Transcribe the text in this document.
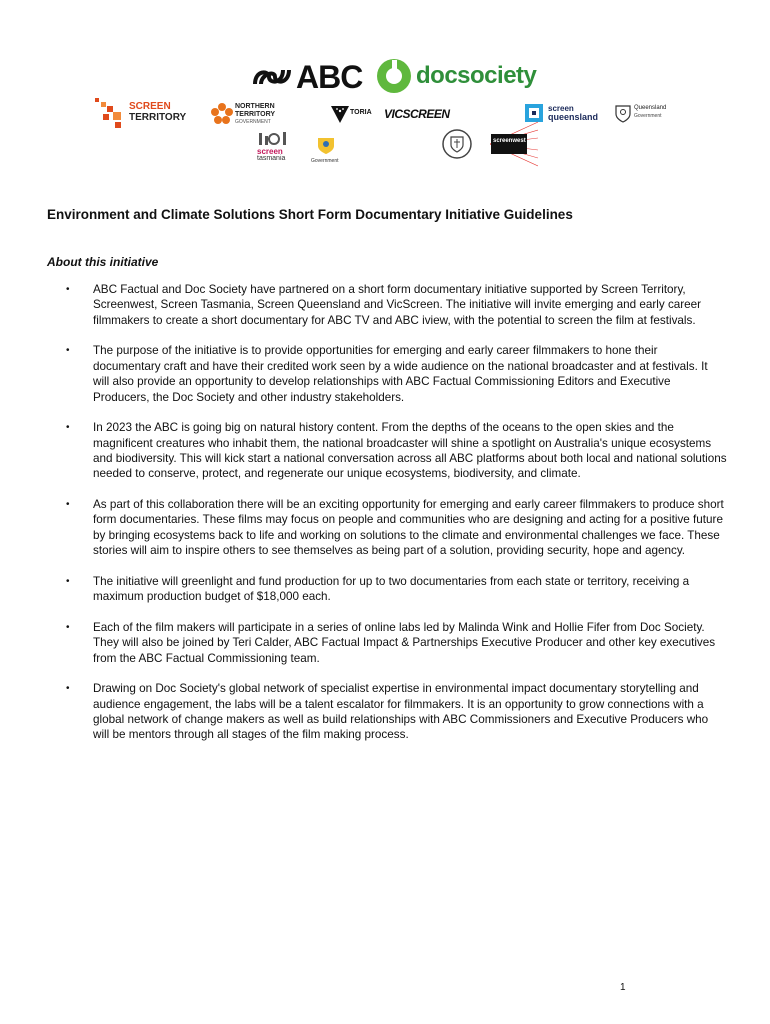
ABC docsociety
SCREEN
TERRITORY
NORTHERN
TERRITORY
GOVERNMENT
TORIA VICSCREEN	screen
queensland
Queensland
Government
screen
tasmania	Government
screenwest
Environment and Climate Solutions Short Form Documentary Initiative Guidelines
About this initiative
• ABC Factual and Doc Society have partnered on a short form documentary initiative supported by Screen Territory, Screenwest, Screen Tasmania, Screen Queensland and VicScreen. The initiative will invite emerging and early career filmmakers to create a short documentary for ABC TV and ABC iview, with the potential to screen the film at festivals.
• The purpose of the initiative is to provide opportunities for emerging and early career filmmakers to hone their documentary craft and have their credited work seen by a wide audience on the national broadcaster and at festivals. It will also provide an opportunity to develop relationships with ABC Factual Commissioning Editors and Executive Producers, the Doc Society and other industry stakeholders.
• In 2023 the ABC is going big on natural history content. From the depths of the oceans to the open skies and the magnificent creatures who inhabit them, the national broadcaster will shine a spotlight on Australia's unique ecosystems and biodiversity. This will kick start a national conversation across all ABC platforms about both local and national solutions needed to conserve, protect, and regenerate our unique ecosystems, biodiversity, and climate.
• As part of this collaboration there will be an exciting opportunity for emerging and early career filmmakers to produce short form documentaries. These films may focus on people and communities who are designing and acting for a positive future by bringing ecosystems back to life and working on solutions to the climate and environmental challenges we face. These stories will aim to inspire others to see themselves as being part of a solution, providing security, hope and agency.
• The initiative will greenlight and fund production for up to two documentaries from each state or territory, receiving a maximum production budget of $18,000 each.
• Each of the film makers will participate in a series of online labs led by Malinda Wink and Hollie Fifer from Doc Society. They will also be joined by Teri Calder, ABC Factual Impact & Partnerships Executive Producer and other key executives from the ABC Factual Commissioning team.
• Drawing on Doc Society's global network of specialist expertise in environmental impact documentary storytelling and audience engagement, the labs will be a talent escalator for filmmakers. It is an opportunity to grow connections with a global network of change makers as well as build relationships with ABC Commissioners and Executive Producers who will be mentors through all stages of the film making process.
1
